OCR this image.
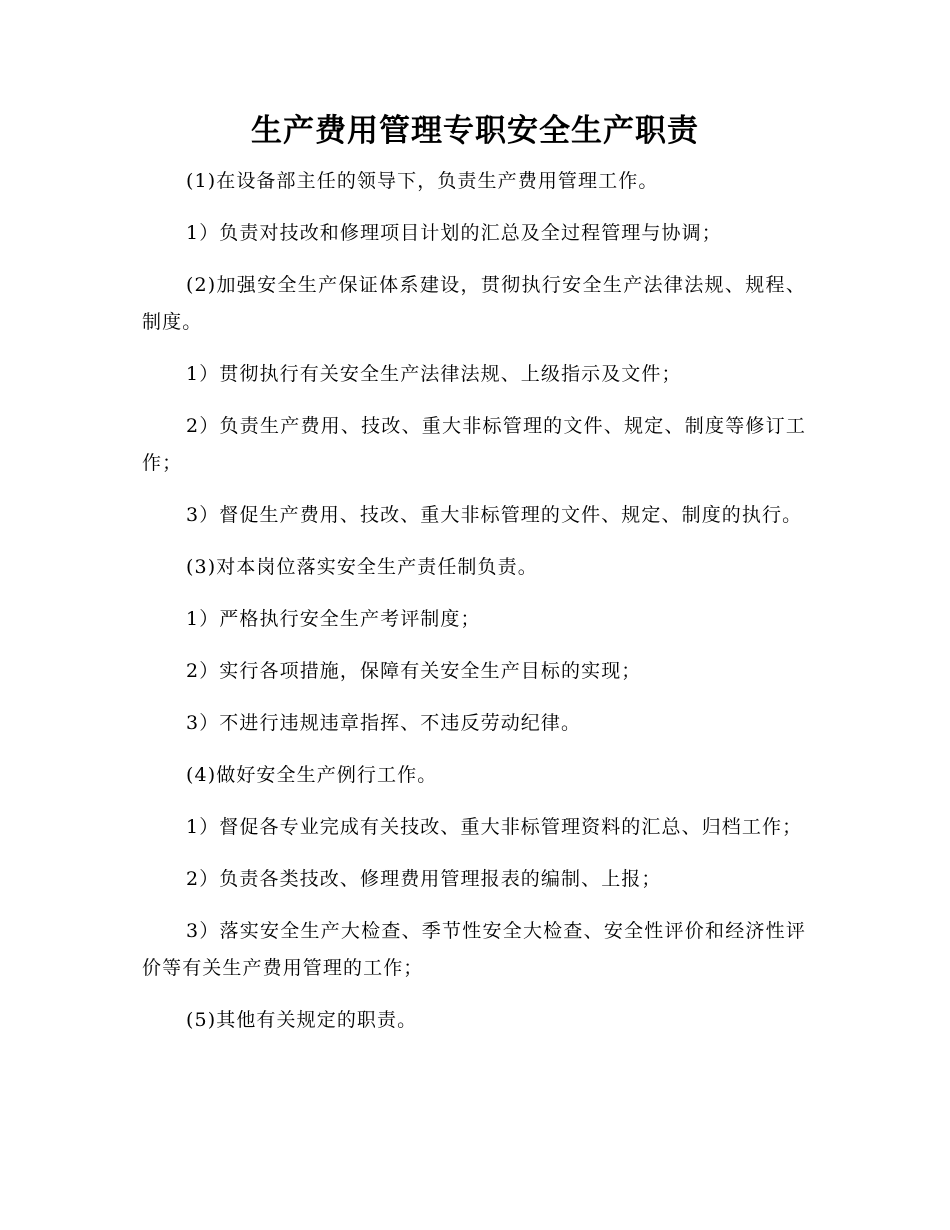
生产费用管理专职安全生产职责

(1)在设备部主任的领导下，负责生产费用管理工作。

1）负责对技改和修理项目计划的汇总及全过程管理与协调；

(2)加强安全生产保证体系建设，贯彻执行安全生产法律法规、规程、制度。

1）贯彻执行有关安全生产法律法规、上级指示及文件；

2）负责生产费用、技改、重大非标管理的文件、规定、制度等修订工作；

3）督促生产费用、技改、重大非标管理的文件、规定、制度的执行。

(3)对本岗位落实安全生产责任制负责。

1）严格执行安全生产考评制度；

2）实行各项措施，保障有关安全生产目标的实现；

3）不进行违规违章指挥、不违反劳动纪律。

(4)做好安全生产例行工作。

1）督促各专业完成有关技改、重大非标管理资料的汇总、归档工作；

2）负责各类技改、修理费用管理报表的编制、上报；

3）落实安全生产大检查、季节性安全大检查、安全性评价和经济性评价等有关生产费用管理的工作；

(5)其他有关规定的职责。
